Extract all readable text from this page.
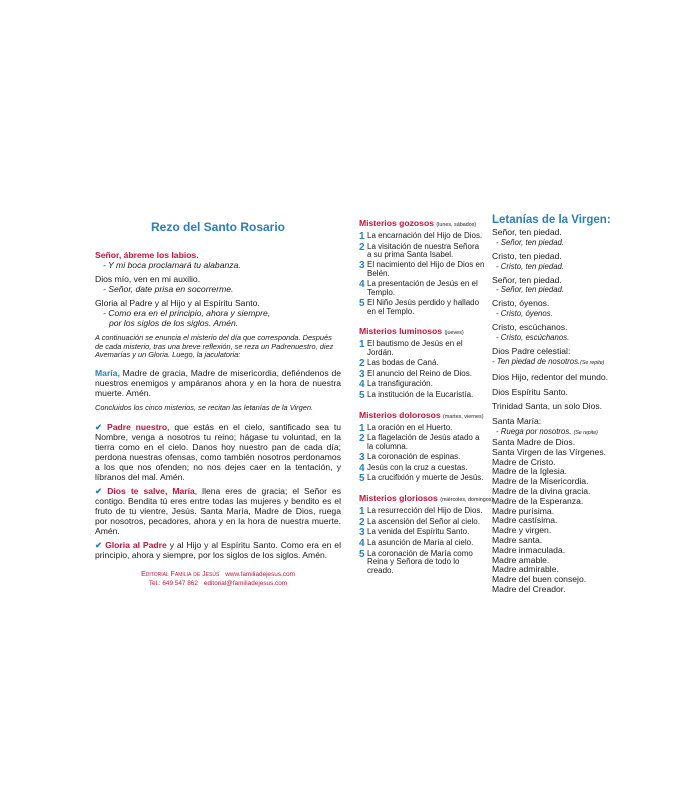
Rezo del Santo Rosario

Señor, ábreme los labios.

- Y mi boca proclamará tu alabanza.

Dios mío, ven en mi auxilio.

- Señor, date prisa en socorrerme.

Gloria al Padre y al Hijo y al Espíritu Santo.

- Como era en el principio, ahora y siempre,

por los siglos de los siglos. Amén.

A continuación se enuncia el misterio del día que corresponda. Después de cada misterio, tras una breve reflexión, se reza un Padrenuestro, diez Avemarías y un Gloria. Luego, la jaculatoria:

María, Madre de gracia, Madre de misericordia, defiéndenos de nuestros enemigos y ampáranos ahora y en la hora de nuestra muerte. Amén.

Concluidos los cinco misterios, se recitan las letanías de la Virgen.

✔ Padre nuestro, que estás en el cielo, santificado sea tu Nombre, venga a nosotros tu reino; hágase tu voluntad, en la tierra como en el cielo. Danos hoy nuestro pan de cada día; perdona nuestras ofensas, como también nosotros perdonamos a los que nos ofenden; no nos dejes caer en la tentación, y líbranos del mal. Amén.

✔ Dios te salve, María, llena eres de gracia; el Señor es contigo. Bendita tú eres entre todas las mujeres y bendito es el fruto de tu vientre, Jesús. Santa María, Madre de Dios, ruega por nosotros, pecadores, ahora y en la hora de nuestra muerte. Amén.

✔ Gloria al Padre y al Hijo y al Espíritu Santo. Como era en el principio, ahora y siempre, por los siglos de los siglos. Amén.

Editorial Familia de Jesús www.familiadejesus.com
Tel.: 649 547 862 editorial@familiadejesus.com
Misterios gozosos (lunes, sábados)
1 La encarnación del Hijo de Dios.
2 La visitación de nuestra Señora a su prima Santa Isabel.
3 El nacimiento del Hijo de Dios en Belén.
4 La presentación de Jesús en el Templo.
5 El Niño Jesús perdido y hallado en el Templo.
Misterios luminosos (jueves)
1 El bautismo de Jesús en el Jordán.
2 Las bodas de Caná.
3 El anuncio del Reino de Dios.
4 La transfiguración.
5 La institución de la Eucaristía.
Misterios dolorosos (martes, viernes)
1 La oración en el Huerto.
2 La flagelación de Jesús atado a la columna.
3 La coronación de espinas.
4 Jesús con la cruz a cuestas.
5 La crucifixión y muerte de Jesús.
Misterios gloriosos (miércoles, domingos)
1 La resurrección del Hijo de Dios.
2 La ascensión del Señor al cielo.
3 La venida del Espíritu Santo.
4 La asunción de María al cielo.
5 La coronación de María como Reina y Señora de todo lo creado.
Letanías de la Virgen:

Señor, ten piedad.

- Señor, ten piedad.

Cristo, ten piedad.

- Cristo, ten piedad.

Señor, ten piedad.

- Señor, ten piedad.

Cristo, óyenos.

- Cristo, óyenos.

Cristo, escúchanos.

- Cristo, escúchanos.

Dios Padre celestial:

- Ten piedad de nosotros.(Se repite)

Dios Hijo, redentor del mundo.

Dios Espíritu Santo.

Trinidad Santa, un solo Dios.

Santa María:

- Ruega por nosotros. (Se repite)

Santa Madre de Dios.

Santa Virgen de las Vírgenes.

Madre de Cristo.

Madre de la Iglesia.

Madre de la Misericordia.

Madre de la divina gracia.

Madre de la Esperanza.

Madre purísima.

Madre castísima.

Madre y virgen.

Madre santa.

Madre inmaculada.

Madre amable.

Madre admirable.

Madre del buen consejo.

Madre del Creador.
